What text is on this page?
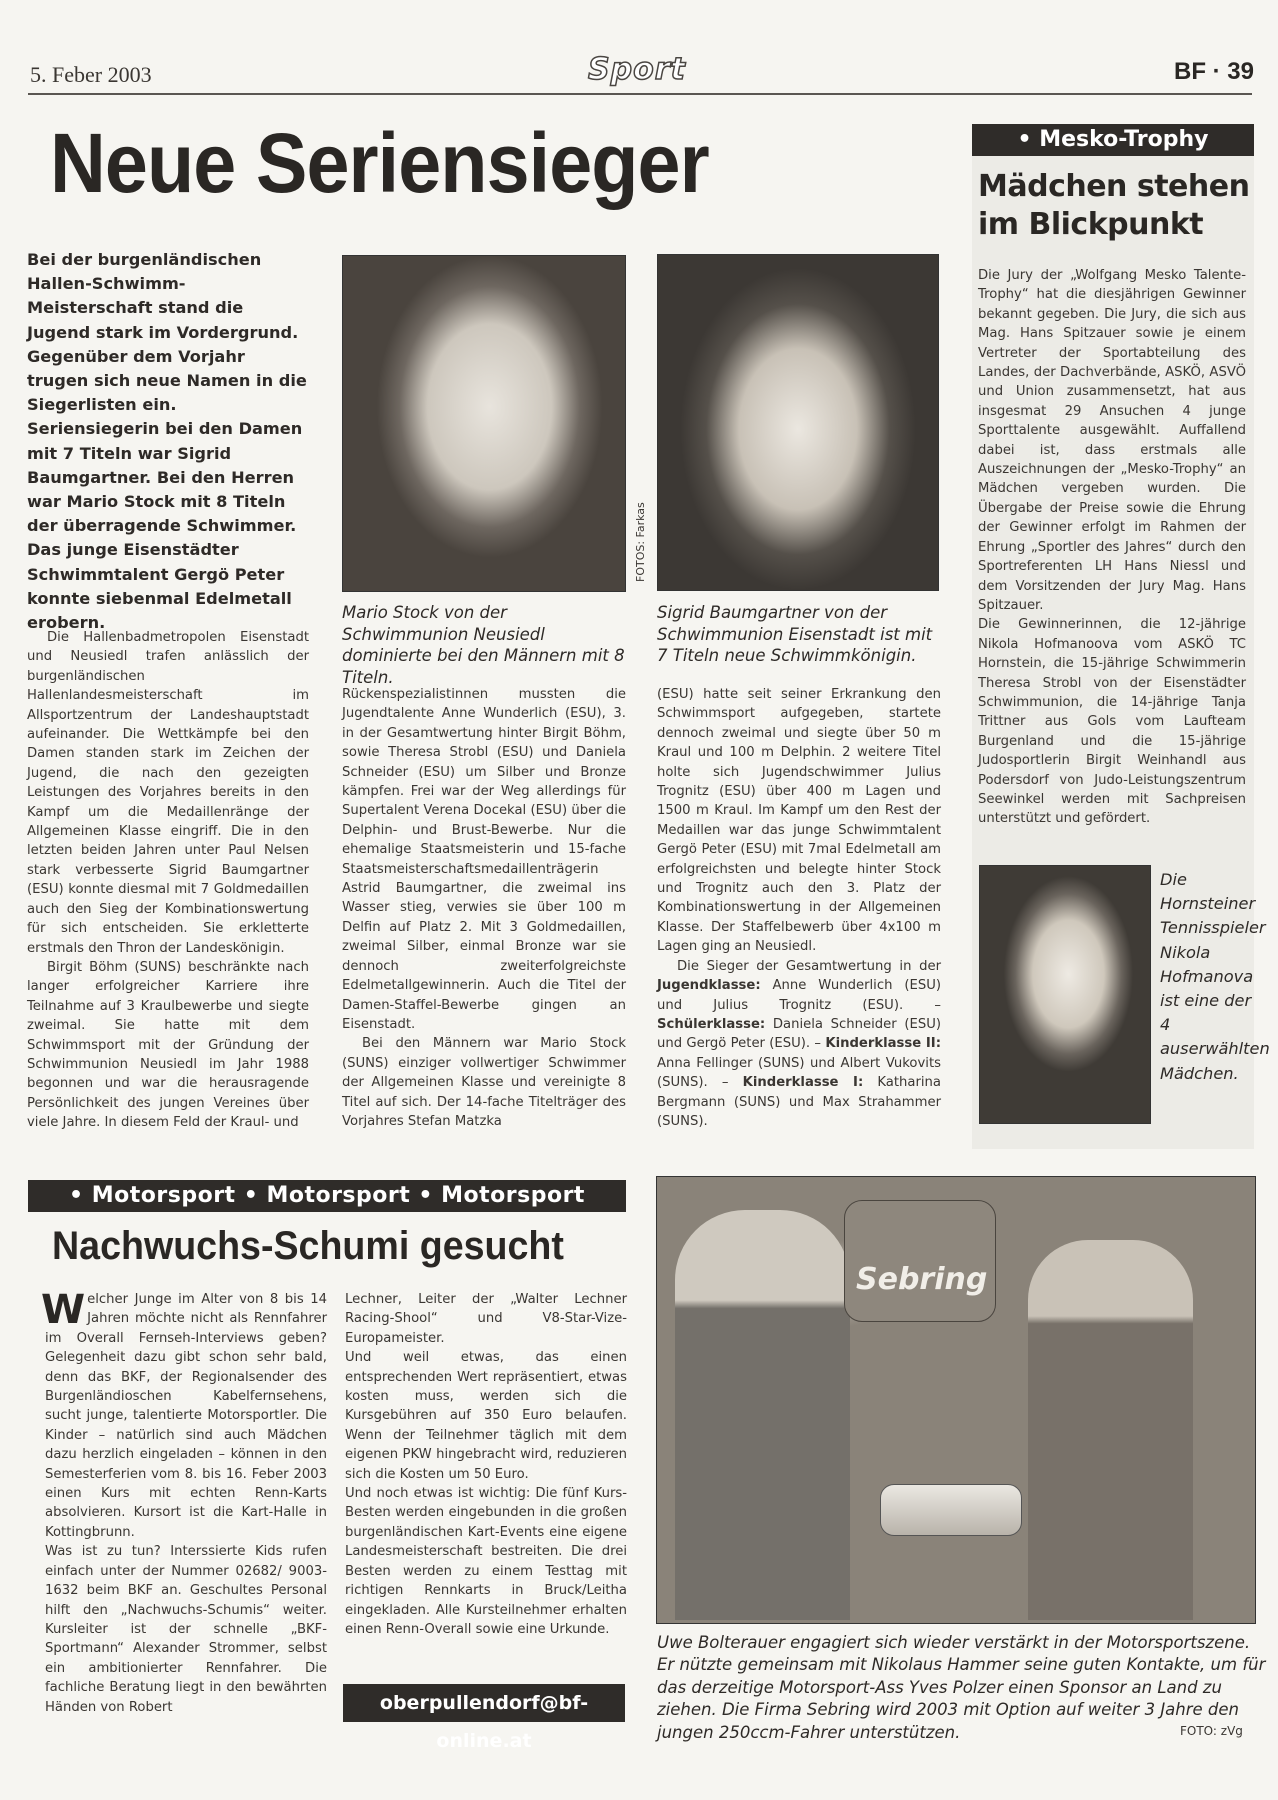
5. Feber 2003	Sport	BF · 39
Neue Seriensieger
Bei der burgenländischen Hallen-Schwimm-Meisterschaft stand die Jugend stark im Vordergrund. Gegenüber dem Vorjahr trugen sich neue Namen in die Siegerlisten ein. Seriensiegerin bei den Damen mit 7 Titeln war Sigrid Baumgartner. Bei den Herren war Mario Stock mit 8 Titeln der überragende Schwimmer. Das junge Eisenstädter Schwimmtalent Gergö Peter konnte siebenmal Edelmetall erobern.
FOTOS: Farkas
Mario Stock von der Schwimmunion Neusiedl dominierte bei den Männern mit 8 Titeln.
Sigrid Baumgartner von der Schwimmunion Eisenstadt ist mit 7 Titeln neue Schwimmkönigin.

Die Hallenbadmetropolen Eisenstadt und Neusiedl trafen anlässlich der burgenländischen Hallenlandesmeisterschaft im Allsportzentrum der Landeshauptstadt aufeinander. Die Wettkämpfe bei den Damen standen stark im Zeichen der Jugend, die nach den gezeigten Leistungen des Vorjahres bereits in den Kampf um die Medaillenränge der Allgemeinen Klasse eingriff. Die in den letzten beiden Jahren unter Paul Nelsen stark verbesserte Sigrid Baumgartner (ESU) konnte diesmal mit 7 Goldmedaillen auch den Sieg der Kombinationswertung für sich entscheiden. Sie erkletterte erstmals den Thron der Landeskönigin.

Birgit Böhm (SUNS) beschränkte nach langer erfolgreicher Karriere ihre Teilnahme auf 3 Kraulbewerbe und siegte zweimal. Sie hatte mit dem Schwimmsport mit der Gründung der Schwimmunion Neusiedl im Jahr 1988 begonnen und war die herausragende Persönlichkeit des jungen Vereines über viele Jahre. In diesem Feld der Kraul- und

Rückenspezialistinnen mussten die Jugendtalente Anne Wunderlich (ESU), 3. in der Gesamtwertung hinter Birgit Böhm, sowie Theresa Strobl (ESU) und Daniela Schneider (ESU) um Silber und Bronze kämpfen. Frei war der Weg allerdings für Supertalent Verena Docekal (ESU) über die Delphin- und Brust-Bewerbe. Nur die ehemalige Staatsmeisterin und 15-fache Staatsmeisterschaftsmedaillenträgerin Astrid Baumgartner, die zweimal ins Wasser stieg, verwies sie über 100 m Delfin auf Platz 2. Mit 3 Goldmedaillen, zweimal Silber, einmal Bronze war sie dennoch zweiterfolgreichste Edelmetallgewinnerin. Auch die Titel der Damen-Staffel-Bewerbe gingen an Eisenstadt.

Bei den Männern war Mario Stock (SUNS) einziger vollwertiger Schwimmer der Allgemeinen Klasse und vereinigte 8 Titel auf sich. Der 14-fache Titelträger des Vorjahres Stefan Matzka

(ESU) hatte seit seiner Erkrankung den Schwimmsport aufgegeben, startete dennoch zweimal und siegte über 50 m Kraul und 100 m Delphin. 2 weitere Titel holte sich Jugendschwimmer Julius Trognitz (ESU) über 400 m Lagen und 1500 m Kraul. Im Kampf um den Rest der Medaillen war das junge Schwimmtalent Gergö Peter (ESU) mit 7mal Edelmetall am erfolgreichsten und belegte hinter Stock und Trognitz auch den 3. Platz der Kombinationswertung in der Allgemeinen Klasse. Der Staffelbewerb über 4x100 m Lagen ging an Neusiedl.

Die Sieger der Gesamtwertung in der Jugendklasse: Anne Wunderlich (ESU) und Julius Trognitz (ESU). – Schülerklasse: Daniela Schneider (ESU) und Gergö Peter (ESU). – Kinderklasse II: Anna Fellinger (SUNS) und Albert Vukovits (SUNS). – Kinderklasse I: Katharina Bergmann (SUNS) und Max Strahammer (SUNS).

• Mesko-Trophy
Mädchen stehen im Blickpunkt

Die Jury der „Wolfgang Mesko Talente-Trophy“ hat die diesjährigen Gewinner bekannt gegeben. Die Jury, die sich aus Mag. Hans Spitzauer sowie je einem Vertreter der Sportabteilung des Landes, der Dachverbände, ASKÖ, ASVÖ und Union zusammensetzt, hat aus insgesmat 29 Ansuchen 4 junge Sporttalente ausgewählt. Auffallend dabei ist, dass erstmals alle Auszeichnungen der „Mesko-Trophy“ an Mädchen vergeben wurden. Die Übergabe der Preise sowie die Ehrung der Gewinner erfolgt im Rahmen der Ehrung „Sportler des Jahres“ durch den Sportreferenten LH Hans Niessl und dem Vorsitzenden der Jury Mag. Hans Spitzauer.

Die Gewinnerinnen, die 12-jährige Nikola Hofmanoova vom ASKÖ TC Hornstein, die 15-jährige Schwimmerin Theresa Strobl von der Eisenstädter Schwimmunion, die 14-jährige Tanja Trittner aus Gols vom Laufteam Burgenland und die 15-jährige Judosportlerin Birgit Weinhandl aus Podersdorf von Judo-Leistungszentrum Seewinkel werden mit Sachpreisen unterstützt und gefördert.

Die Hornsteiner Tennisspieler Nikola Hofmanova ist eine der 4 auserwählten Mädchen.
• Motorsport • Motorsport • Motorsport
Nachwuchs-Schumi gesucht

Welcher Junge im Alter von 8 bis 14 Jahren möchte nicht als Rennfahrer im Overall Fernseh-Interviews geben? Gelegenheit dazu gibt schon sehr bald, denn das BKF, der Regionalsender des Burgenländioschen Kabelfernsehens, sucht junge, talentierte Motorsportler. Die Kinder – natürlich sind auch Mädchen dazu herzlich eingeladen – können in den Semesterferien vom 8. bis 16. Feber 2003 einen Kurs mit echten Renn-Karts absolvieren. Kursort ist die Kart-Halle in Kottingbrunn.

Was ist zu tun? Interssierte Kids rufen einfach unter der Nummer 02682/ 9003-1632 beim BKF an. Geschultes Personal hilft den „Nachwuchs-Schumis“ weiter. Kursleiter ist der schnelle „BKF-Sportmann“ Alexander Strommer, selbst ein ambitionierter Rennfahrer. Die fachliche Beratung liegt in den bewährten Händen von Robert

Lechner, Leiter der „Walter Lechner Racing-Shool“ und V8-Star-Vize-Europameister.

Und weil etwas, das einen entsprechenden Wert repräsentiert, etwas kosten muss, werden sich die Kursgebühren auf 350 Euro belaufen. Wenn der Teilnehmer täglich mit dem eigenen PKW hingebracht wird, reduzieren sich die Kosten um 50 Euro.

Und noch etwas ist wichtig: Die fünf Kurs-Besten werden eingebunden in die großen burgenländischen Kart-Events eine eigene Landesmeisterschaft bestreiten. Die drei Besten werden zu einem Testtag mit richtigen Rennkarts in Bruck/Leitha eingekladen. Alle Kursteilnehmer erhalten einen Renn-Overall sowie eine Urkunde.

oberpullendorf@bf-online.at
Sebring
Uwe Bolterauer engagiert sich wieder verstärkt in der Motorsportszene. Er nützte gemeinsam mit Nikolaus Hammer seine guten Kontakte, um für das derzeitige Motorsport-Ass Yves Polzer einen Sponsor an Land zu ziehen. Die Firma Sebring wird 2003 mit Option auf weiter 3 Jahre den jungen 250ccm-Fahrer unterstützen.	FOTO: zVg
